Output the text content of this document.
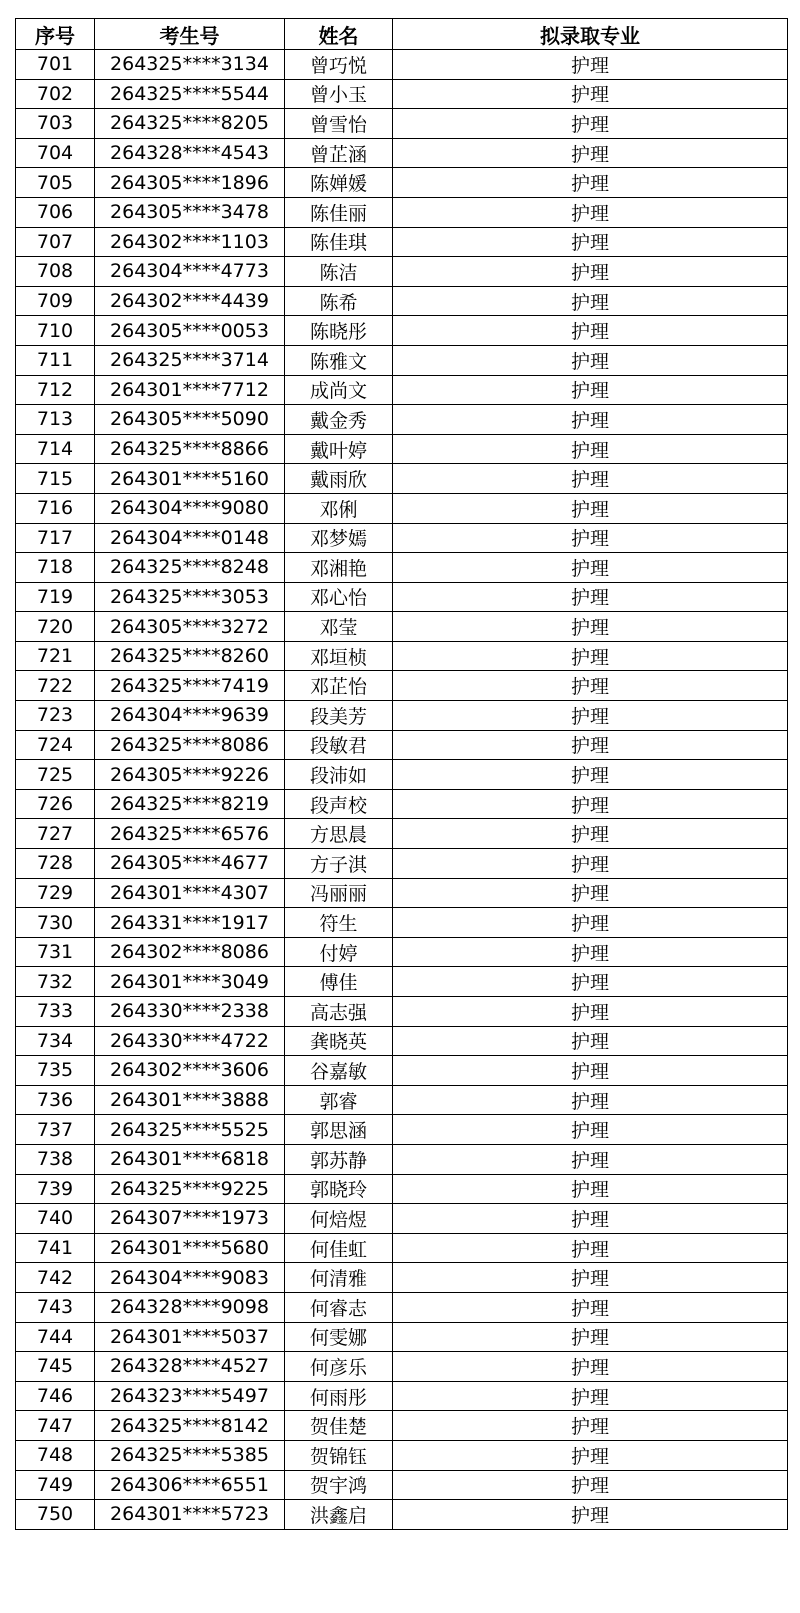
序号	考生号	姓名	拟录取专业
701	264325****3134	曾巧悦	护理
702	264325****5544	曾小玉	护理
703	264325****8205	曾雪怡	护理
704	264328****4543	曾芷涵	护理
705	264305****1896	陈婵媛	护理
706	264305****3478	陈佳丽	护理
707	264302****1103	陈佳琪	护理
708	264304****4773	陈洁	护理
709	264302****4439	陈希	护理
710	264305****0053	陈晓彤	护理
711	264325****3714	陈雅文	护理
712	264301****7712	成尚文	护理
713	264305****5090	戴金秀	护理
714	264325****8866	戴叶婷	护理
715	264301****5160	戴雨欣	护理
716	264304****9080	邓俐	护理
717	264304****0148	邓梦嫣	护理
718	264325****8248	邓湘艳	护理
719	264325****3053	邓心怡	护理
720	264305****3272	邓莹	护理
721	264325****8260	邓垣桢	护理
722	264325****7419	邓芷怡	护理
723	264304****9639	段美芳	护理
724	264325****8086	段敏君	护理
725	264305****9226	段沛如	护理
726	264325****8219	段声校	护理
727	264325****6576	方思晨	护理
728	264305****4677	方子淇	护理
729	264301****4307	冯丽丽	护理
730	264331****1917	符生	护理
731	264302****8086	付婷	护理
732	264301****3049	傅佳	护理
733	264330****2338	高志强	护理
734	264330****4722	龚晓英	护理
735	264302****3606	谷嘉敏	护理
736	264301****3888	郭睿	护理
737	264325****5525	郭思涵	护理
738	264301****6818	郭苏静	护理
739	264325****9225	郭晓玲	护理
740	264307****1973	何焙煜	护理
741	264301****5680	何佳虹	护理
742	264304****9083	何清雅	护理
743	264328****9098	何睿志	护理
744	264301****5037	何雯娜	护理
745	264328****4527	何彦乐	护理
746	264323****5497	何雨彤	护理
747	264325****8142	贺佳楚	护理
748	264325****5385	贺锦钰	护理
749	264306****6551	贺宇鸿	护理
750	264301****5723	洪鑫启	护理
